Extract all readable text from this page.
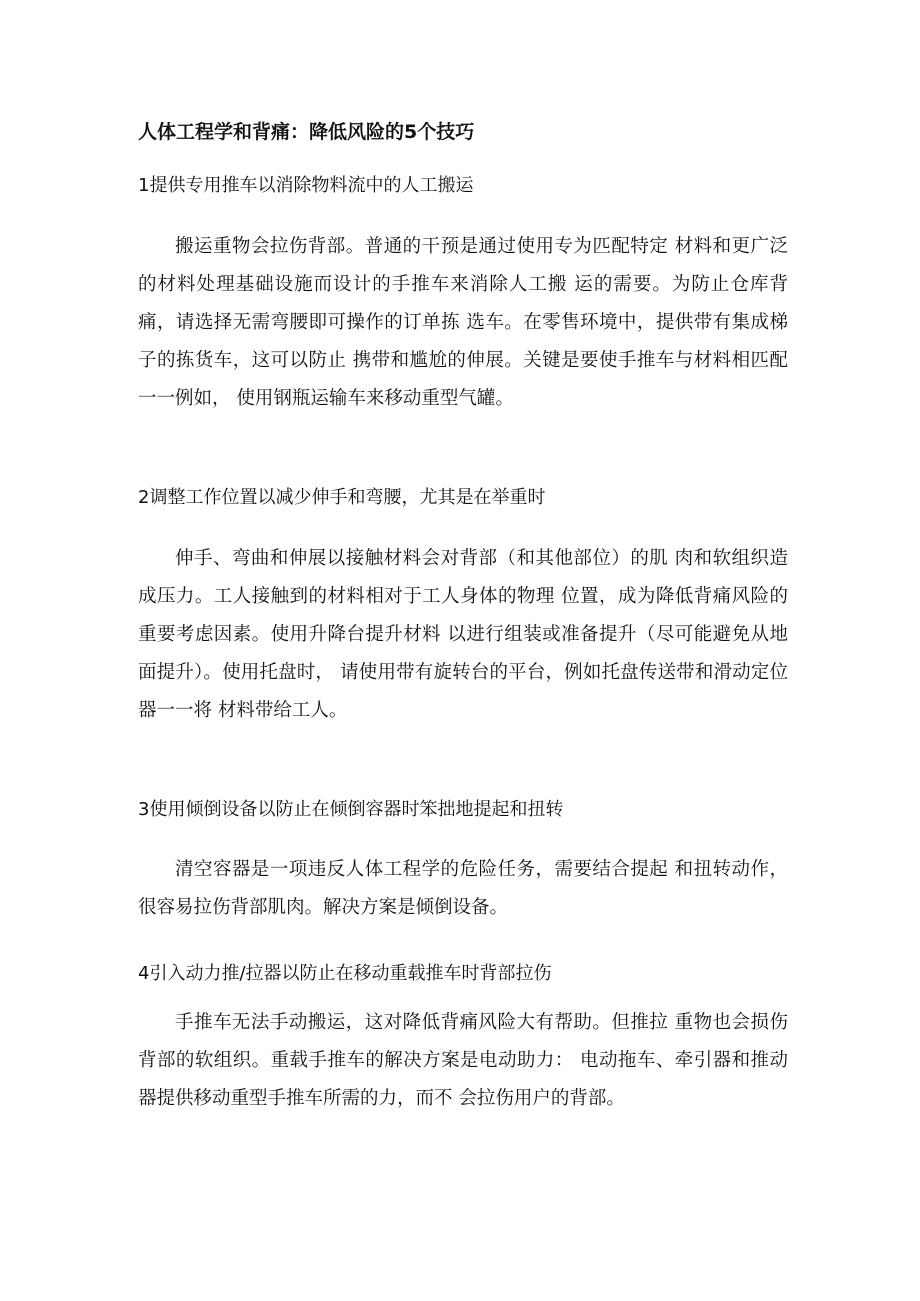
人体工程学和背痛：降低风险的5个技巧
1提供专用推车以消除物料流中的人工搬运

搬运重物会拉伤背部。普通的干预是通过使用专为匹配特定 材料和更广泛的材料处理基础设施而设计的手推车来消除人工搬 运的需要。为防止仓库背痛，请选择无需弯腰即可操作的订单拣 选车。在零售环境中，提供带有集成梯子的拣货车，这可以防止 携带和尴尬的伸展。关键是要使手推车与材料相匹配一一例如， 使用钢瓶运输车来移动重型气罐。

2调整工作位置以减少伸手和弯腰，尤其是在举重时

伸手、弯曲和伸展以接触材料会对背部（和其他部位）的肌 肉和软组织造成压力。工人接触到的材料相对于工人身体的物理 位置，成为降低背痛风险的重要考虑因素。使用升降台提升材料 以进行组装或准备提升（尽可能避免从地面提升）。使用托盘时， 请使用带有旋转台的平台，例如托盘传送带和滑动定位器一一将 材料带给工人。

3使用倾倒设备以防止在倾倒容器时笨拙地提起和扭转

清空容器是一项违反人体工程学的危险任务，需要结合提起 和扭转动作，很容易拉伤背部肌肉。解决方案是倾倒设备。

4引入动力推/拉器以防止在移动重载推车时背部拉伤

手推车无法手动搬运，这对降低背痛风险大有帮助。但推拉 重物也会损伤背部的软组织。重载手推车的解决方案是电动助力： 电动拖车、牵引器和推动器提供移动重型手推车所需的力，而不 会拉伤用户的背部。
